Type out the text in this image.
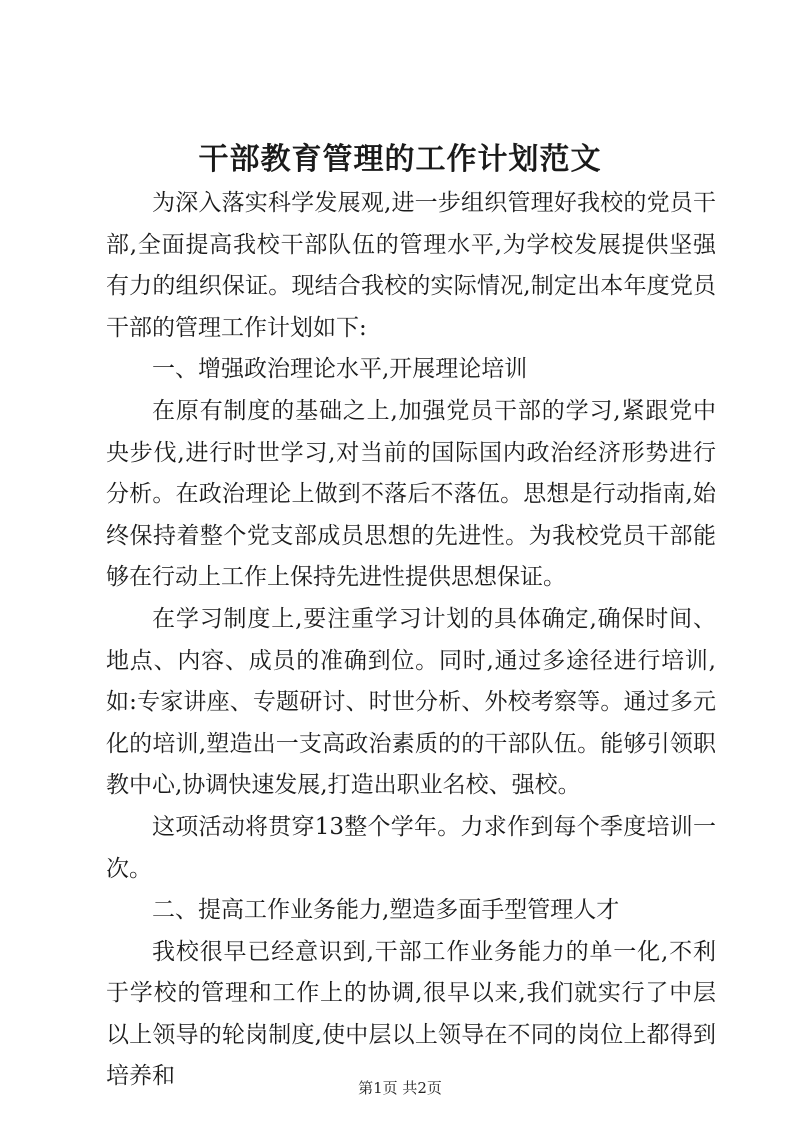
干部教育管理的工作计划范文

为深入落实科学发展观,进一步组织管理好我校的党员干部,全面提高我校干部队伍的管理水平,为学校发展提供坚强有力的组织保证。现结合我校的实际情况,制定出本年度党员干部的管理工作计划如下:

一、增强政治理论水平,开展理论培训

在原有制度的基础之上,加强党员干部的学习,紧跟党中央步伐,进行时世学习,对当前的国际国内政治经济形势进行分析。在政治理论上做到不落后不落伍。思想是行动指南,始终保持着整个党支部成员思想的先进性。为我校党员干部能够在行动上工作上保持先进性提供思想保证。

在学习制度上,要注重学习计划的具体确定,确保时间、地点、内容、成员的准确到位。同时,通过多途径进行培训,如:专家讲座、专题研讨、时世分析、外校考察等。通过多元化的培训,塑造出一支高政治素质的的干部队伍。能够引领职教中心,协调快速发展,打造出职业名校、强校。

这项活动将贯穿13整个学年。力求作到每个季度培训一次。

二、提高工作业务能力,塑造多面手型管理人才

我校很早已经意识到,干部工作业务能力的单一化,不利于学校的管理和工作上的协调,很早以来,我们就实行了中层以上领导的轮岗制度,使中层以上领导在不同的岗位上都得到培养和	第1页 共2页
